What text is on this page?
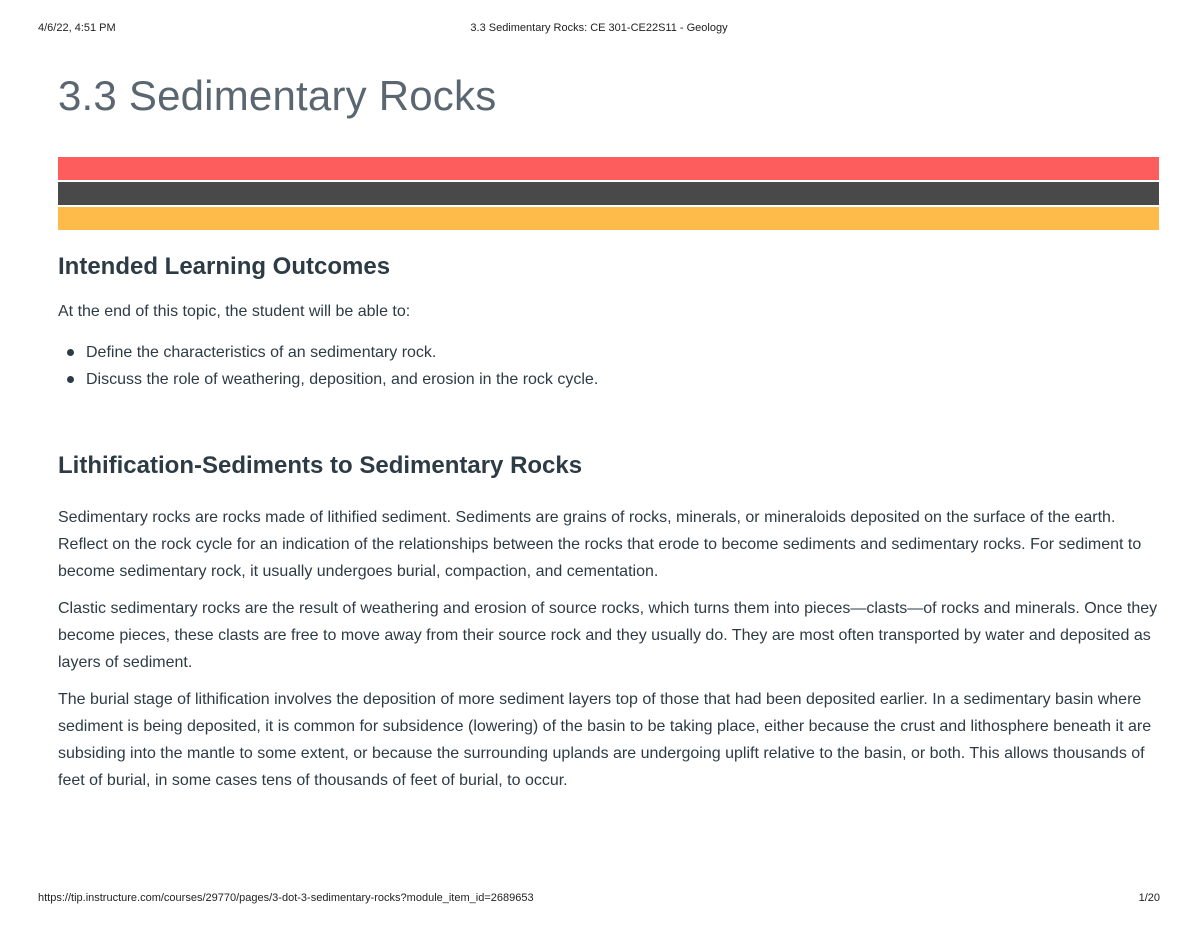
4/6/22, 4:51 PM	3.3 Sedimentary Rocks: CE 301-CE22S11 - Geology
3.3 Sedimentary Rocks
Intended Learning Outcomes

At the end of this topic, the student will be able to:

Define the characteristics of an sedimentary rock.
Discuss the role of weathering, deposition, and erosion in the rock cycle.
Lithification-Sediments to Sedimentary Rocks

Sedimentary rocks are rocks made of lithified sediment. Sediments are grains of rocks, minerals, or mineraloids deposited on the surface of the earth. Reflect on the rock cycle for an indication of the relationships between the rocks that erode to become sediments and sedimentary rocks. For sediment to become sedimentary rock, it usually undergoes burial, compaction, and cementation.

Clastic sedimentary rocks are the result of weathering and erosion of source rocks, which turns them into pieces—clasts—of rocks and minerals. Once they become pieces, these clasts are free to move away from their source rock and they usually do. They are most often transported by water and deposited as layers of sediment.

The burial stage of lithification involves the deposition of more sediment layers top of those that had been deposited earlier. In a sedimentary basin where sediment is being deposited, it is common for subsidence (lowering) of the basin to be taking place, either because the crust and lithosphere beneath it are subsiding into the mantle to some extent, or because the surrounding uplands are undergoing uplift relative to the basin, or both. This allows thousands of feet of burial, in some cases tens of thousands of feet of burial, to occur.

https://tip.instructure.com/courses/29770/pages/3-dot-3-sedimentary-rocks?module_item_id=2689653	1/20
